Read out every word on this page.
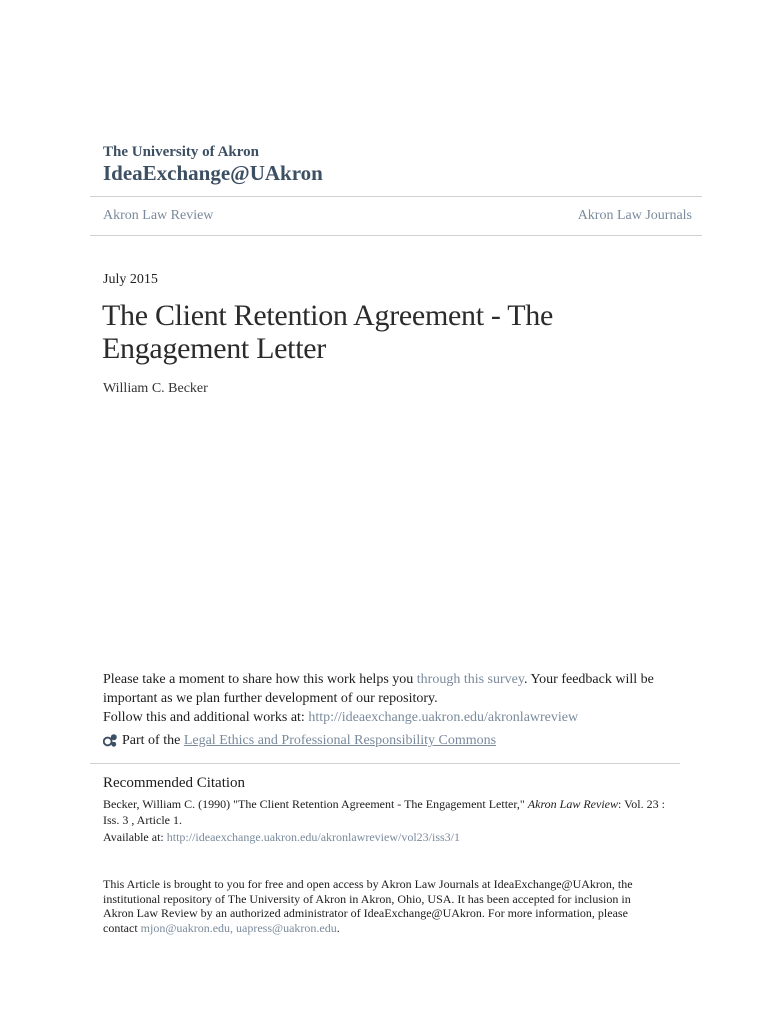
The University of Akron
IdeaExchange@UAkron
Akron Law Review	Akron Law Journals
July 2015
The Client Retention Agreement - The Engagement Letter
William C. Becker
Please take a moment to share how this work helps you through this survey. Your feedback will be important as we plan further development of our repository.
Follow this and additional works at: http://ideaexchange.uakron.edu/akronlawreview
Part of the
Legal Ethics and Professional Responsibility Commons
Recommended Citation
Becker, William C. (1990) "The Client Retention Agreement - The Engagement Letter," Akron Law Review: Vol. 23 : Iss. 3 , Article 1.
Available at: http://ideaexchange.uakron.edu/akronlawreview/vol23/iss3/1
This Article is brought to you for free and open access by Akron Law Journals at IdeaExchange@UAkron, the institutional repository of The University of Akron in Akron, Ohio, USA. It has been accepted for inclusion in Akron Law Review by an authorized administrator of IdeaExchange@UAkron. For more information, please contact mjon@uakron.edu, uapress@uakron.edu.
